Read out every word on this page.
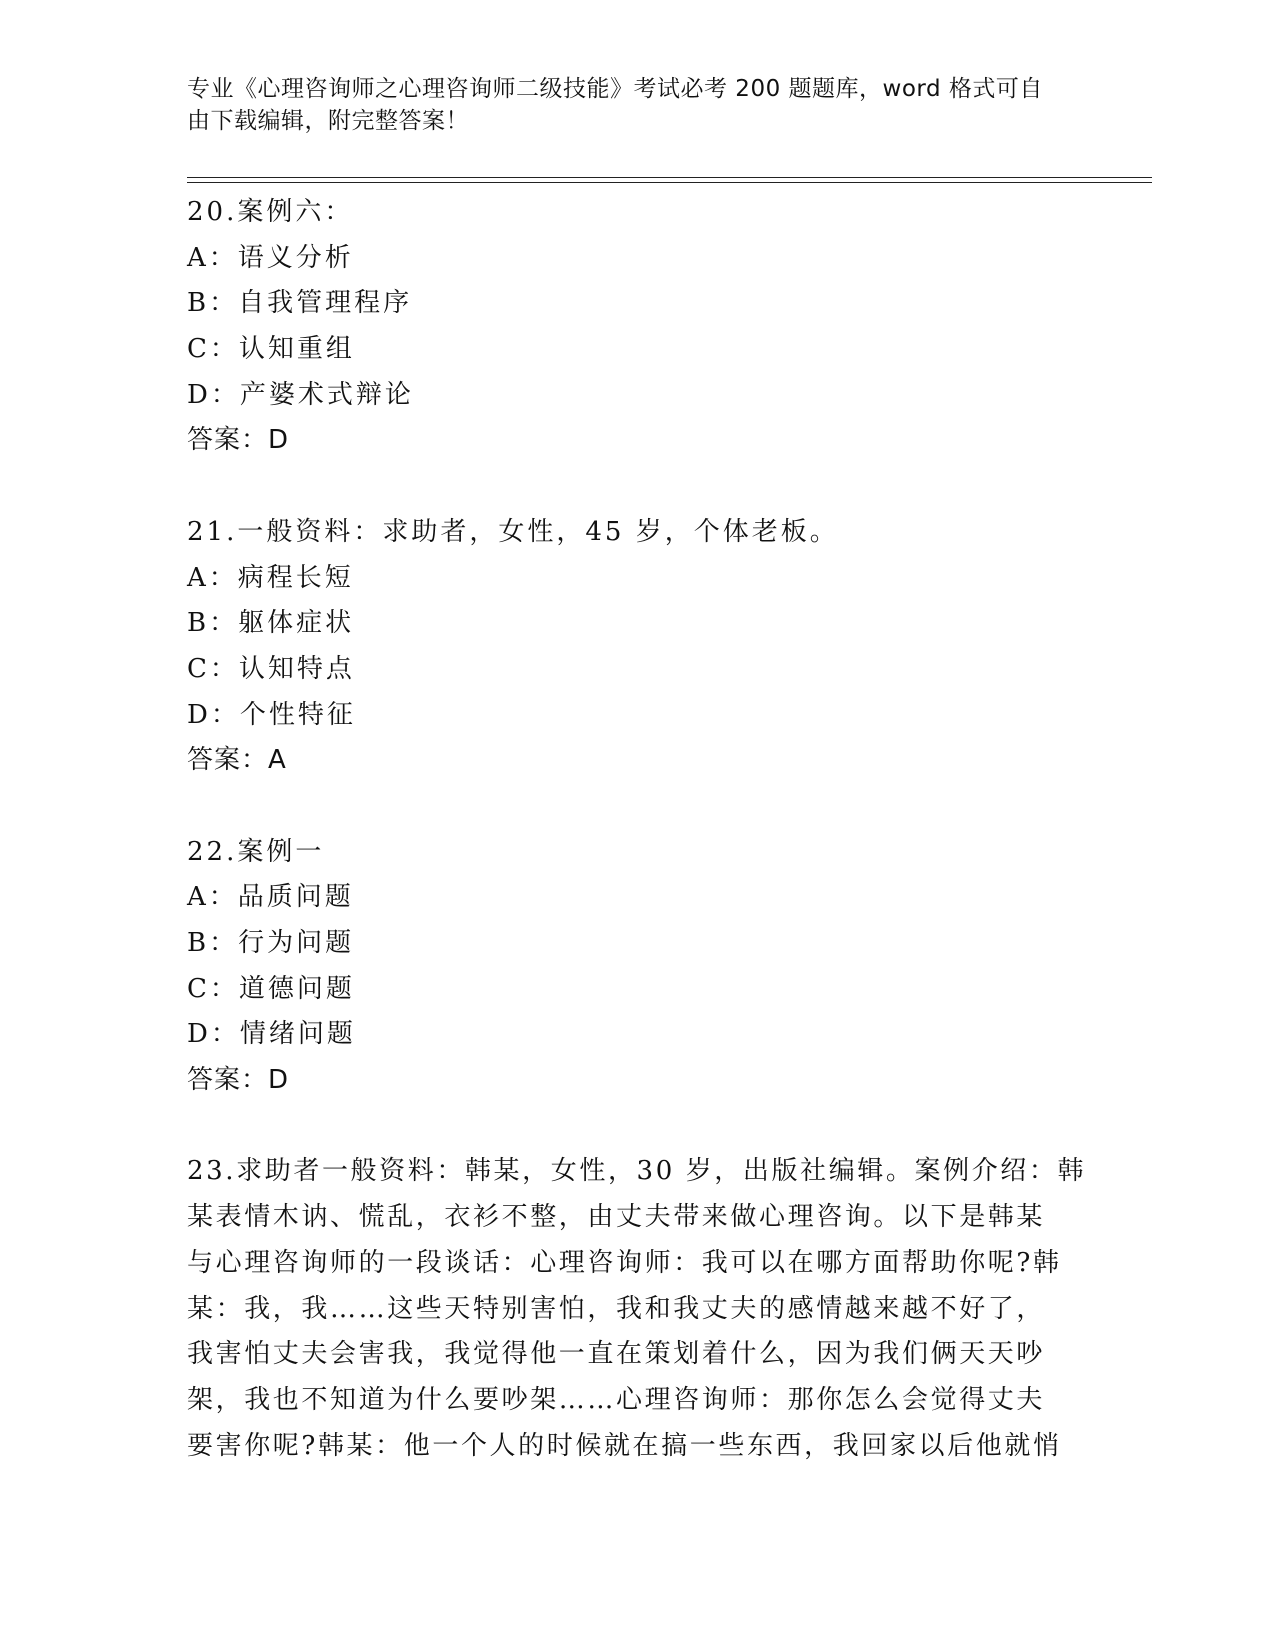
专业《心理咨询师之心理咨询师二级技能》考试必考 200 题题库，word 格式可自
由下载编辑，附完整答案！
20.案例六：
A：语义分析
B：自我管理程序
C：认知重组
D：产婆术式辩论
答案：D
21.一般资料：求助者，女性，45 岁，个体老板。
A：病程长短
B：躯体症状
C：认知特点
D：个性特征
答案：A
22.案例一
A：品质问题
B：行为问题
C：道德问题
D：情绪问题
答案：D
23.求助者一般资料：韩某，女性，30 岁，出版社编辑。案例介绍：韩
某表情木讷、慌乱，衣衫不整，由丈夫带来做心理咨询。以下是韩某
与心理咨询师的一段谈话：心理咨询师：我可以在哪方面帮助你呢?韩
某：我，我……这些天特别害怕，我和我丈夫的感情越来越不好了，
我害怕丈夫会害我，我觉得他一直在策划着什么，因为我们俩天天吵
架，我也不知道为什么要吵架……心理咨询师：那你怎么会觉得丈夫
要害你呢?韩某：他一个人的时候就在搞一些东西，我回家以后他就悄
